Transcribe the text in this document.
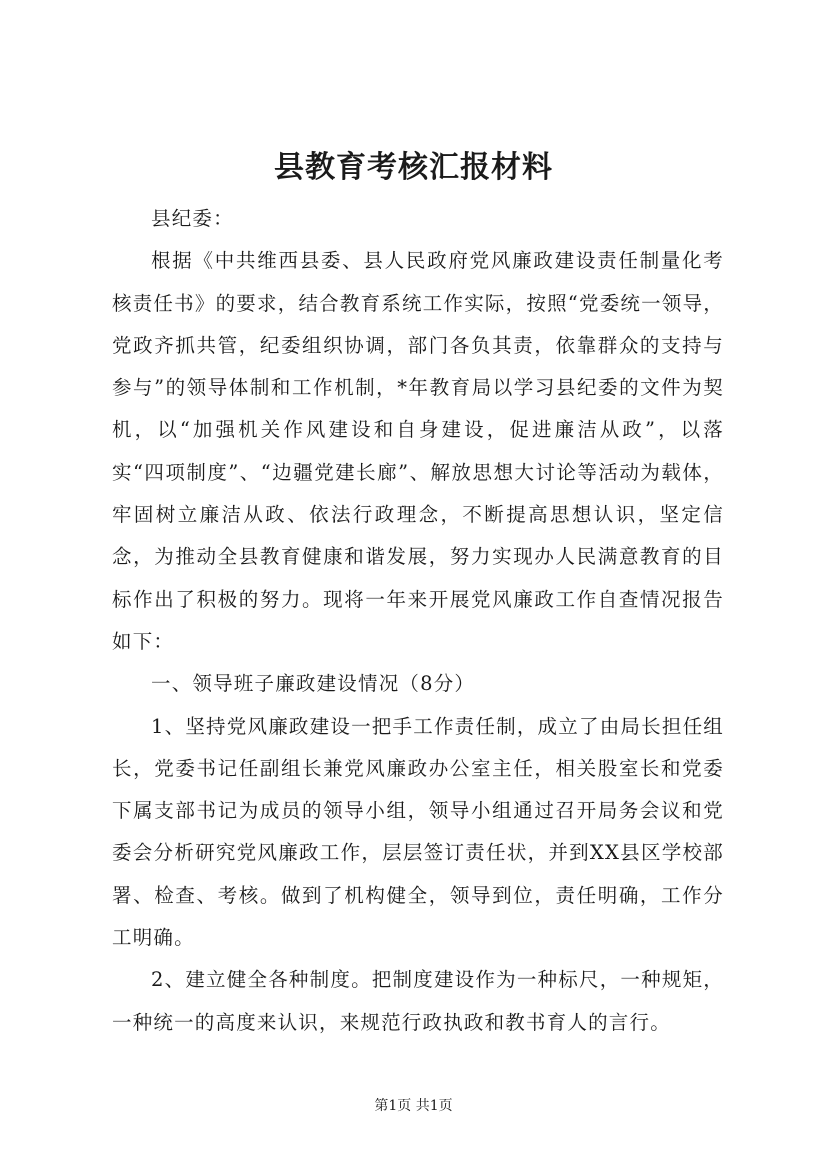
县教育考核汇报材料

县纪委：

根据《中共维西县委、县人民政府党风廉政建设责任制量化考核责任书》的要求，结合教育系统工作实际，按照“党委统一领导，党政齐抓共管，纪委组织协调，部门各负其责，依靠群众的支持与参与”的领导体制和工作机制，*年教育局以学习县纪委的文件为契机，以“加强机关作风建设和自身建设，促进廉洁从政”，以落实“四项制度”、“边疆党建长廊”、解放思想大讨论等活动为载体，牢固树立廉洁从政、依法行政理念，不断提高思想认识，坚定信念，为推动全县教育健康和谐发展，努力实现办人民满意教育的目标作出了积极的努力。现将一年来开展党风廉政工作自查情况报告如下：

一、领导班子廉政建设情况（8分）

1、坚持党风廉政建设一把手工作责任制，成立了由局长担任组长，党委书记任副组长兼党风廉政办公室主任，相关股室长和党委下属支部书记为成员的领导小组，领导小组通过召开局务会议和党委会分析研究党风廉政工作，层层签订责任状，并到XX县区学校部署、检查、考核。做到了机构健全，领导到位，责任明确，工作分工明确。

2、建立健全各种制度。把制度建设作为一种标尺，一种规矩，一种统一的高度来认识，来规范行政执政和教书育人的言行。

第1页 共1页
